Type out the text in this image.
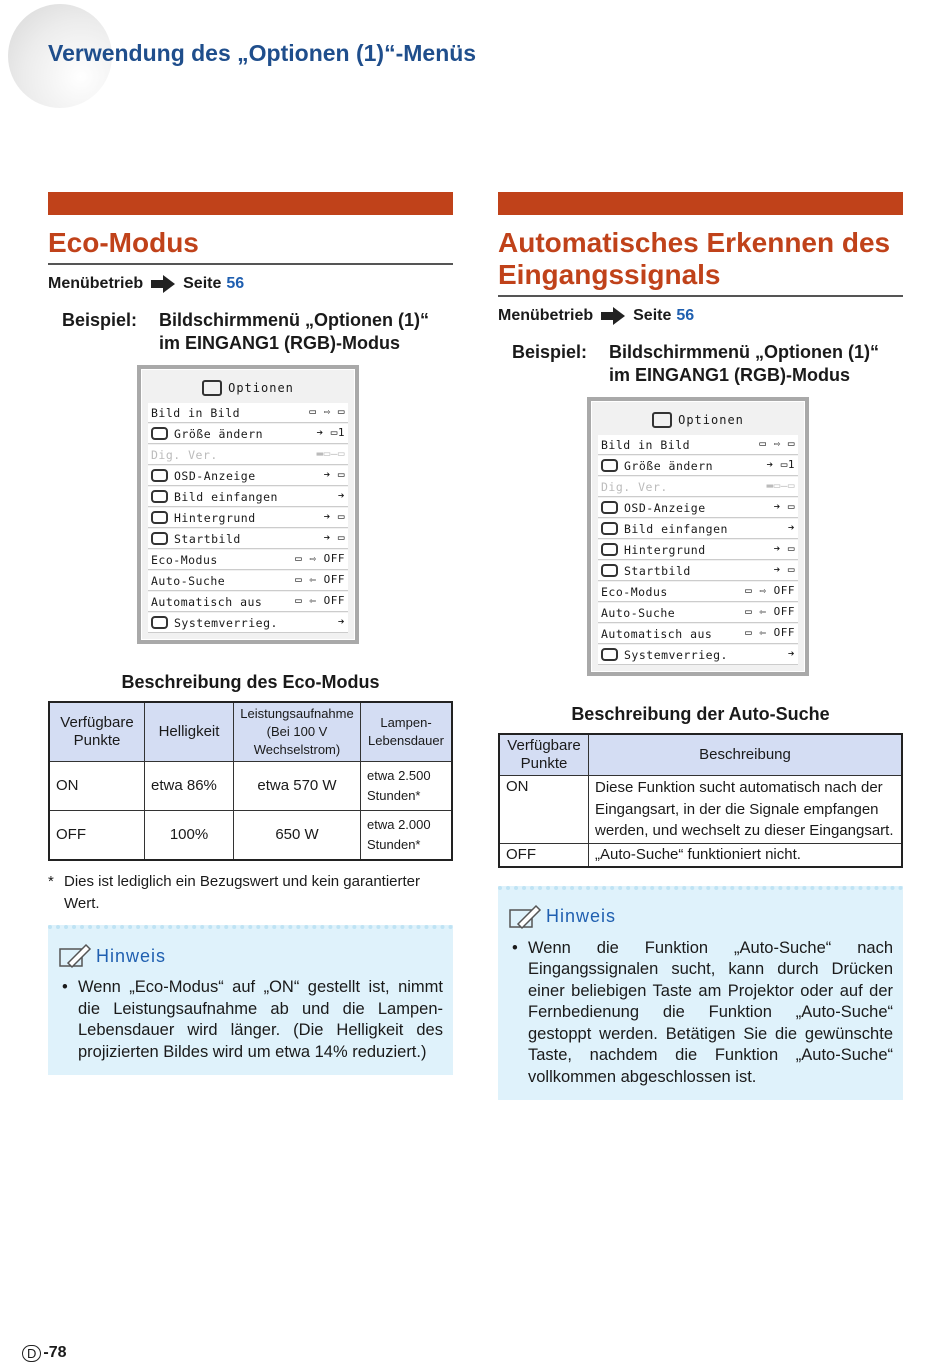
Verwendung des „Optionen (1)“-Menüs
Eco-Modus
Menübetrieb	Seite 56
Beispiel:	Bildschirmmenü „Optionen (1)“ im EINGANG1 (RGB)-Modus
Optionen
Bild in Bild	▭ ⇨ ▭
Größe ändern	➔ ▭1
Dig. Ver.	▬▭—▭
OSD-Anzeige	➔ ▭
Bild einfangen	➔
Hintergrund	➔ ▭
Startbild	➔ ▭
Eco-Modus	▭ ⇨ OFF
Auto-Suche	▭ ⇦ OFF
Automatisch aus	▭ ⇦ OFF
Systemverrieg.	➔
Beschreibung des Eco-Modus
Verfügbare Punkte	Helligkeit	Leistungsaufnahme (Bei 100 V Wechselstrom)	Lampen-Lebensdauer
ON	etwa 86%	etwa 570 W	etwa 2.500 Stunden*
OFF	100%	650 W	etwa 2.000 Stunden*
* Dies ist lediglich ein Bezugswert und kein garantierter Wert.
Hinweis
• Wenn „Eco-Modus“ auf „ON“ gestellt ist, nimmt die Leistungsaufnahme ab und die Lampen-Lebensdauer wird länger. (Die Helligkeit des projizierten Bildes wird um etwa 14% reduziert.)
Automatisches Erkennen des Eingangssignals
Menübetrieb	Seite 56
Beispiel:	Bildschirmmenü „Optionen (1)“ im EINGANG1 (RGB)-Modus
Optionen
Bild in Bild	▭ ⇨ ▭
Größe ändern	➔ ▭1
Dig. Ver.	▬▭—▭
OSD-Anzeige	➔ ▭
Bild einfangen	➔
Hintergrund	➔ ▭
Startbild	➔ ▭
Eco-Modus	▭ ⇨ OFF
Auto-Suche	▭ ⇦ OFF
Automatisch aus	▭ ⇦ OFF
Systemverrieg.	➔
Beschreibung der Auto-Suche
Verfügbare Punkte	Beschreibung
ON	Diese Funktion sucht automatisch nach der Eingangsart, in der die Signale empfangen werden, und wechselt zu dieser Eingangsart.
OFF	„Auto-Suche“ funktioniert nicht.
Hinweis
• Wenn die Funktion „Auto-Suche“ nach Eingangssignalen sucht, kann durch Drücken einer beliebigen Taste am Projektor oder auf der Fernbedienung die Funktion „Auto-Suche“ gestoppt werden. Betätigen Sie die gewünschte Taste, nachdem die Funktion „Auto-Suche“ vollkommen abgeschlossen ist.
D -78
